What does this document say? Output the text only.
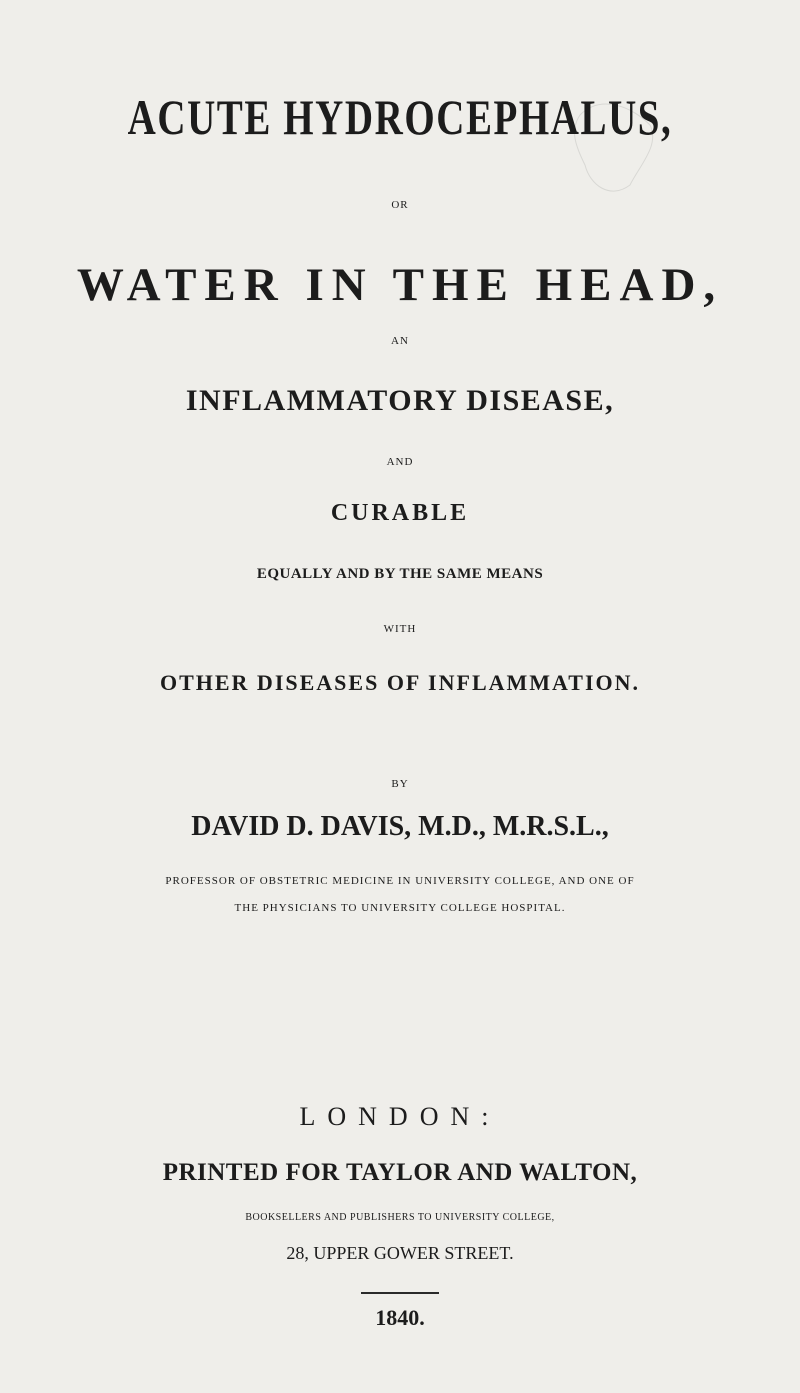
ACUTE HYDROCEPHALUS,

OR

WATER IN THE HEAD,

AN

INFLAMMATORY DISEASE,

AND

CURABLE

EQUALLY AND BY THE SAME MEANS

WITH

OTHER DISEASES OF INFLAMMATION.

BY

DAVID D. DAVIS, M.D., M.R.S.L.,

PROFESSOR OF OBSTETRIC MEDICINE IN UNIVERSITY COLLEGE, AND ONE OF

THE PHYSICIANS TO UNIVERSITY COLLEGE HOSPITAL.

LONDON:

PRINTED FOR TAYLOR AND WALTON,

BOOKSELLERS AND PUBLISHERS TO UNIVERSITY COLLEGE,

28, UPPER GOWER STREET.

1840.
